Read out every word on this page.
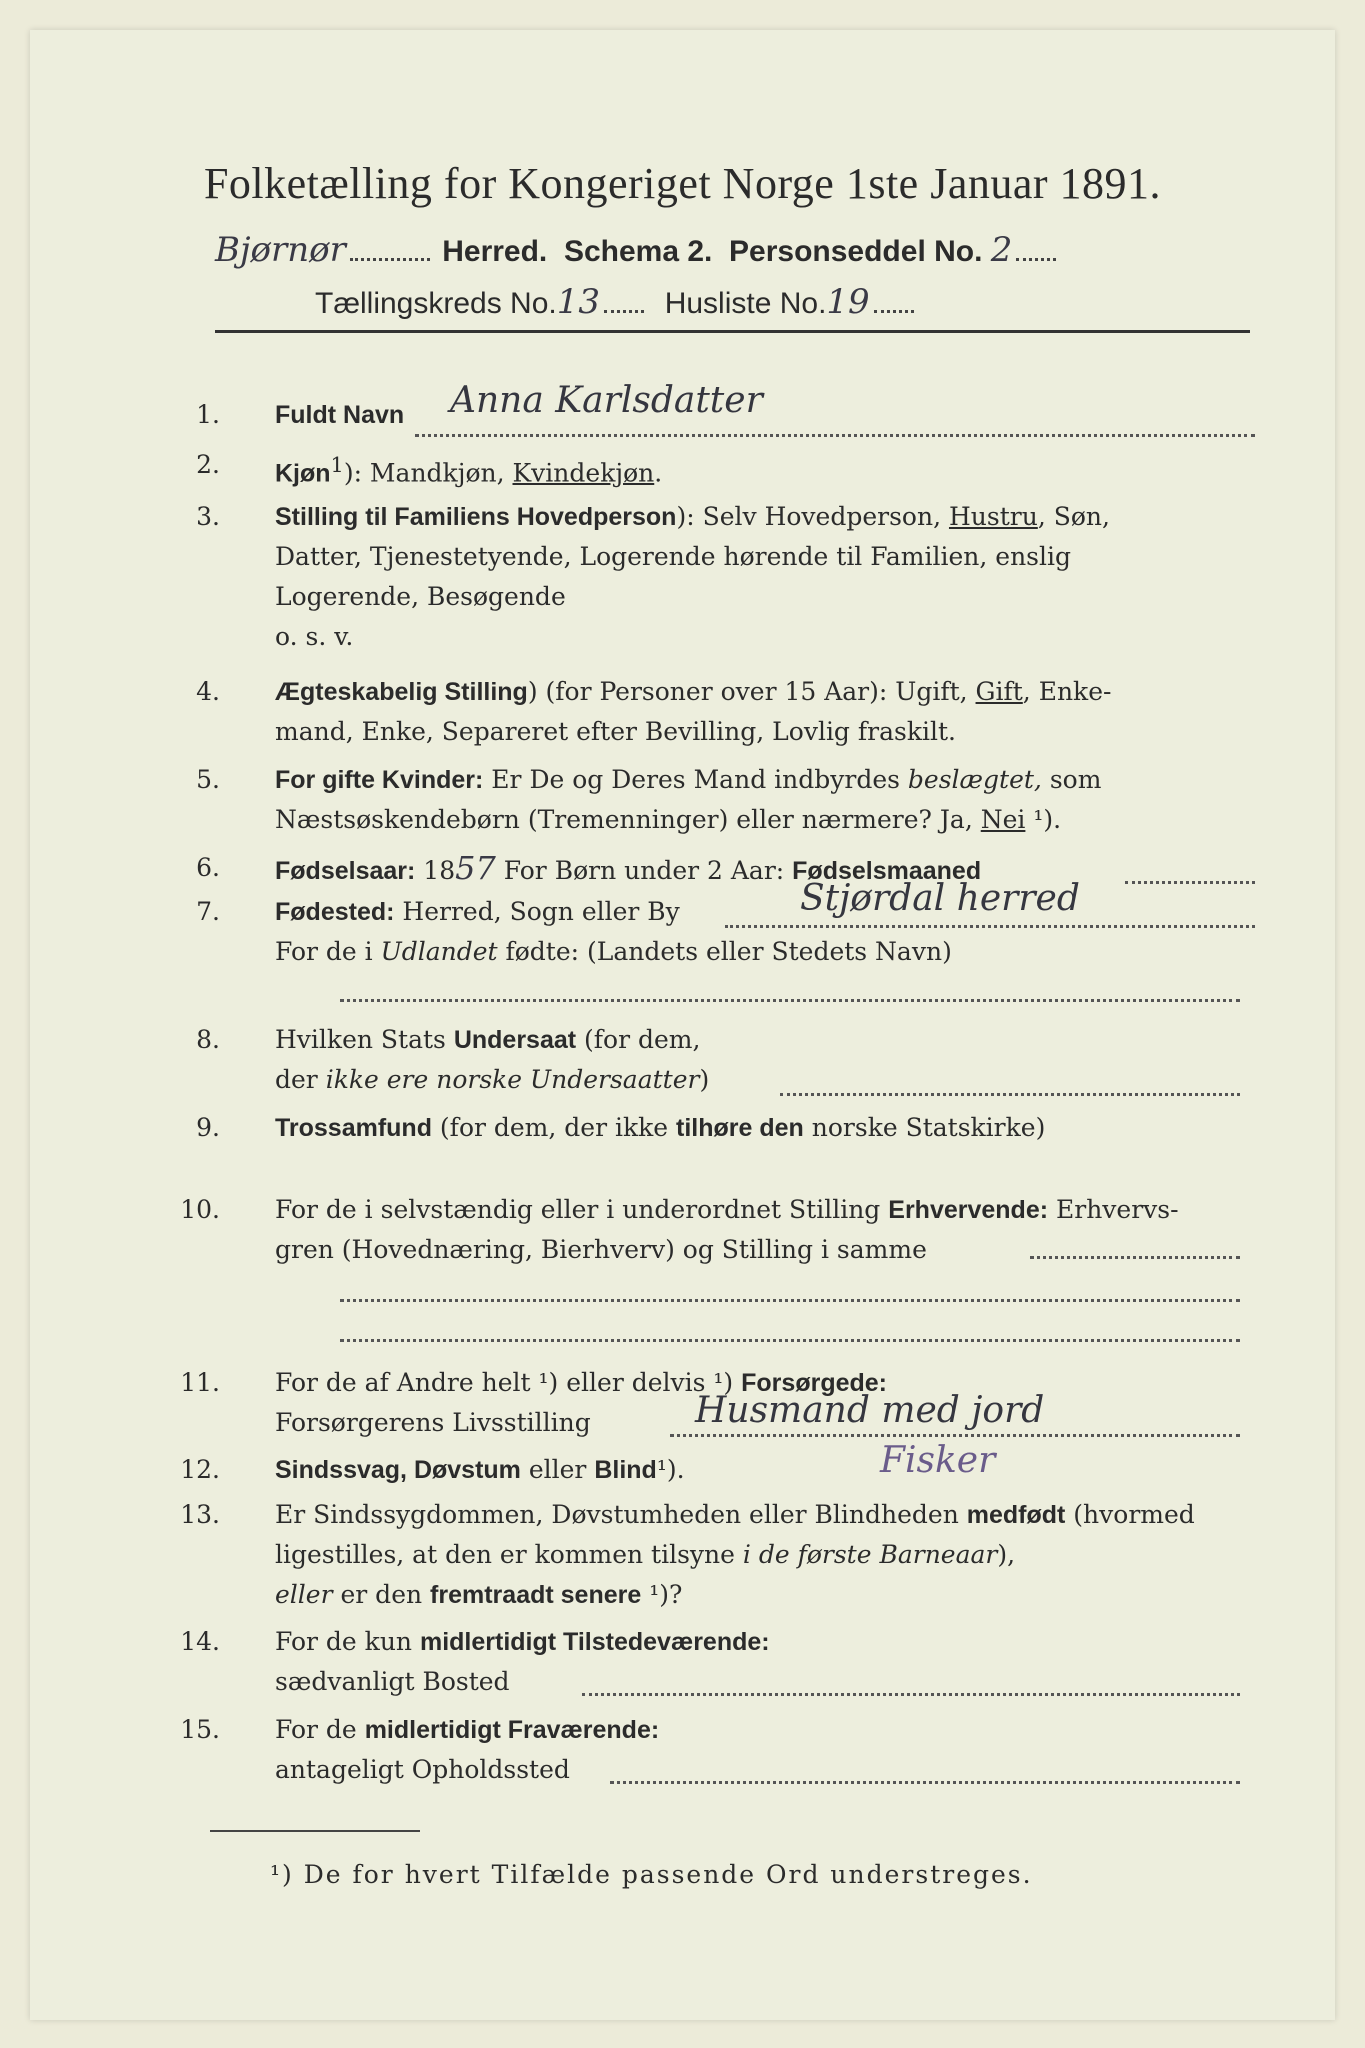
Folketælling for Kongeriget Norge 1ste Januar 1891.
Bjørnør	Herred. Schema 2. Personseddel No. 2
Tællingskreds No.13 Husliste No.19
1. Fuldt Navn	Anna Karlsdatter
2. Kjøn$^1$): Mandkjøn, Kvindekjøn.
3. Stilling til Familiens Hovedperson): Selv Hovedperson, Hustru, Søn,
Datter, Tjenestetyende, Logerende hørende til Familien, enslig
Logerende, Besøgende
o. s. v.
4. Ægteskabelig Stilling) (for Personer over 15 Aar): Ugift, Gift, Enke-
mand, Enke, Separeret efter Bevilling, Lovlig fraskilt.
5. For gifte Kvinder: Er De og Deres Mand indbyrdes beslægtet, som
Næstsøskendebørn (Tremenninger) eller nærmere? Ja, Nei ¹).
6. Fødselsaar: 1857 For Børn under 2 Aar: Fødselsmaaned
7. Fødested: Herred, Sogn eller By
For de i Udlandet fødte: (Landets eller Stedets Navn)
Stjørdal herred
8. Hvilken Stats Undersaat (for dem,
der ikke ere norske Undersaatter)
9. Trossamfund (for dem, der ikke tilhøre den norske Statskirke)
10. For de i selvstændig eller i underordnet Stilling Erhvervende: Erhvervs-
gren (Hovednæring, Bierhverv) og Stilling i samme
11. For de af Andre helt ¹) eller delvis ¹) Forsørgede:
Forsørgerens Livsstilling	Husmand med jord
12. Sindssvag, Døvstum eller Blind¹).	Fisker
13. Er Sindssygdommen, Døvstumheden eller Blindheden medfødt (hvormed
ligestilles, at den er kommen tilsyne i de første Barneaar),
eller er den fremtraadt senere ¹)?
14. For de kun midlertidigt Tilstedeværende:
sædvanligt Bosted
15. For de midlertidigt Fraværende:
antageligt Opholdssted
¹) De for hvert Tilfælde passende Ord understreges.
